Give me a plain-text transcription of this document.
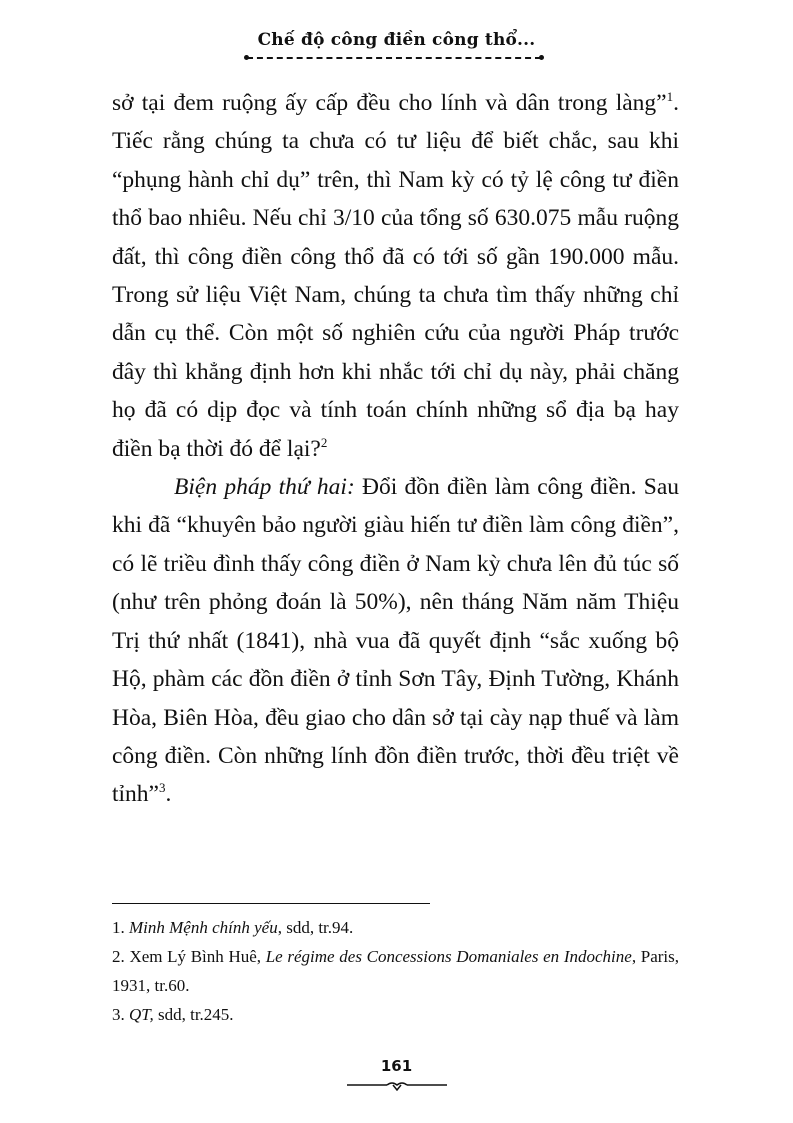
Chế độ công điền công thổ...

sở tại đem ruộng ấy cấp đều cho lính và dân trong làng”$^1$. Tiếc rằng chúng ta chưa có tư liệu để biết chắc, sau khi “phụng hành chỉ dụ” trên, thì Nam kỳ có tỷ lệ công tư điền thổ bao nhiêu. Nếu chỉ 3/10 của tổng số 630.075 mẫu ruộng đất, thì công điền công thổ đã có tới số gần 190.000 mẫu. Trong sử liệu Việt Nam, chúng ta chưa tìm thấy những chỉ dẫn cụ thể. Còn một số nghiên cứu của người Pháp trước đây thì khẳng định hơn khi nhắc tới chỉ dụ này, phải chăng họ đã có dịp đọc và tính toán chính những sổ địa bạ hay điền bạ thời đó để lại?$^2$

Biện pháp thứ hai: Đổi đồn điền làm công điền. Sau khi đã “khuyên bảo người giàu hiến tư điền làm công điền”, có lẽ triều đình thấy công điền ở Nam kỳ chưa lên đủ túc số (như trên phỏng đoán là 50%), nên tháng Năm năm Thiệu Trị thứ nhất (1841), nhà vua đã quyết định “sắc xuống bộ Hộ, phàm các đồn điền ở tỉnh Sơn Tây, Định Tường, Khánh Hòa, Biên Hòa, đều giao cho dân sở tại cày nạp thuế và làm công điền. Còn những lính đồn điền trước, thời đều triệt về tỉnh”$^3$.

1. Minh Mệnh chính yếu, sdd, tr.94.

2. Xem Lý Bình Huê, Le régime des Concessions Domaniales en Indochine, Paris, 1931, tr.60.

3. QT, sdd, tr.245.

161
